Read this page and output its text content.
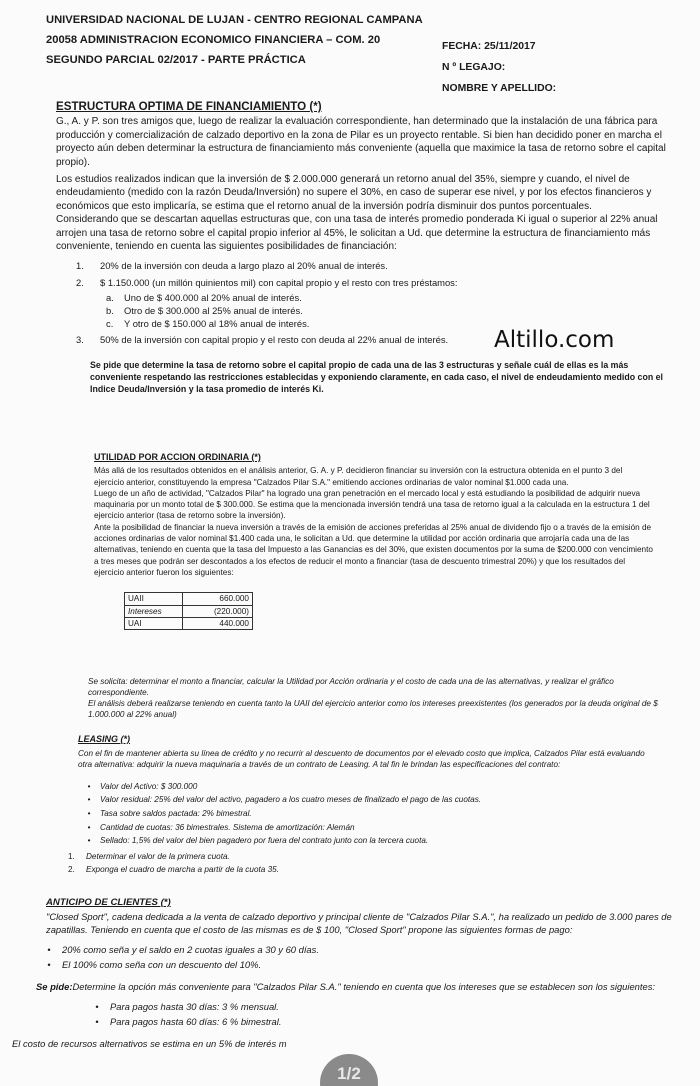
UNIVERSIDAD NACIONAL DE LUJAN - CENTRO REGIONAL CAMPANA
20058 ADMINISTRACION ECONOMICO FINANCIERA – COM. 20
SEGUNDO PARCIAL 02/2017 - PARTE PRÁCTICA
FECHA: 25/11/2017
N º LEGAJO:
NOMBRE Y APELLIDO:
Altillo.com
ESTRUCTURA OPTIMA DE FINANCIAMIENTO (*)

G., A. y P. son tres amigos que, luego de realizar la evaluación correspondiente, han determinado que la instalación de una fábrica para producción y comercialización de calzado deportivo en la zona de Pilar es un proyecto rentable. Si bien han decidido poner en marcha el proyecto aún deben determinar la estructura de financiamiento más conveniente (aquella que maximice la tasa de retorno sobre el capital propio).

Los estudios realizados indican que la inversión de $ 2.000.000 generará un retorno anual del 35%, siempre y cuando, el nivel de endeudamiento (medido con la razón Deuda/Inversión) no supere el 30%, en caso de superar ese nivel, y por los efectos financieros y económicos que esto implicaría, se estima que el retorno anual de la inversión podría disminuir dos puntos porcentuales.

Considerando que se descartan aquellas estructuras que, con una tasa de interés promedio ponderada Ki igual o superior al 22% anual arrojen una tasa de retorno sobre el capital propio inferior al 45%, le solicitan a Ud. que determine la estructura de financiamiento más conveniente, teniendo en cuenta las siguientes posibilidades de financiación:

1.	20% de la inversión con deuda a largo plazo al 20% anual de interés.
2.	$ 1.150.000 (un millón quinientos mil) con capital propio y el resto con tres préstamos:
a.	Uno de $ 400.000 al 20% anual de interés.
b.	Otro de $ 300.000 al 25% anual de interés.
c.	Y otro de $ 150.000 al 18% anual de interés.
3.	50% de la inversión con capital propio y el resto con deuda al 22% anual de interés.

Se pide que determine la tasa de retorno sobre el capital propio de cada una de las 3 estructuras y señale cuál de ellas es la más conveniente respetando las restricciones establecidas y exponiendo claramente, en cada caso, el nivel de endeudamiento medido con el Indice Deuda/Inversión y la tasa promedio de interés Ki.

UTILIDAD POR ACCION ORDINARIA (*)

Más allá de los resultados obtenidos en el análisis anterior, G. A. y P. decidieron financiar su inversión con la estructura obtenida en el punto 3 del ejercicio anterior, constituyendo la empresa "Calzados Pilar S.A." emitiendo acciones ordinarias de valor nominal $1.000 cada una.

Luego de un año de actividad, "Calzados Pilar" ha logrado una gran penetración en el mercado local y está estudiando la posibilidad de adquirir nueva maquinaria por un monto total de $ 300.000. Se estima que la mencionada inversión tendrá una tasa de retorno igual a la calculada en la estructura 1 del ejercicio anterior (tasa de retorno sobre la inversión).

Ante la posibilidad de financiar la nueva inversión a través de la emisión de acciones preferidas al 25% anual de dividendo fijo o a través de la emisión de acciones ordinarias de valor nominal $1.400 cada una, le solicitan a Ud. que determine la utilidad por acción ordinaria que arrojaría cada una de las alternativas, teniendo en cuenta que la tasa del Impuesto a las Ganancias es del 30%, que existen documentos por la suma de $200.000 con vencimiento a tres meses que podrán ser descontados a los efectos de reducir el monto a financiar (tasa de descuento trimestral 20%) y que los resultados del ejercicio anterior fueron los siguientes:

UAII	660.000
Intereses	(220.000)
UAI	440.000

Se solicita: determinar el monto a financiar, calcular la Utilidad por Acción ordinaria y el costo de cada una de las alternativas, y realizar el gráfico correspondiente.

El análisis deberá realizarse teniendo en cuenta tanto la UAII del ejercicio anterior como los intereses preexistentes (los generados por la deuda original de $ 1.000.000 al 22% anual)

LEASING (*)

Con el fin de mantener abierta su línea de crédito y no recurrir al descuento de documentos por el elevado costo que implica, Calzados Pilar está evaluando otra alternativa: adquirir la nueva maquinaria a través de un contrato de Leasing. A tal fin le brindan las especificaciones del contrato:

•	Valor del Activo: $ 300.000
•	Valor residual: 25% del valor del activo, pagadero a los cuatro meses de finalizado el pago de las cuotas.
•	Tasa sobre saldos pactada: 2% bimestral.
•	Cantidad de cuotas: 36 bimestrales. Sistema de amortización: Alemán
•	Sellado: 1,5% del valor del bien pagadero por fuera del contrato junto con la tercera cuota.
1.	Determinar el valor de la primera cuota.
2.	Exponga el cuadro de marcha a partir de la cuota 35.
ANTICIPO DE CLIENTES (*)

"Closed Sport", cadena dedicada a la venta de calzado deportivo y principal cliente de "Calzados Pilar S.A.", ha realizado un pedido de 3.000 pares de zapatillas. Teniendo en cuenta que el costo de las mismas es de $ 100, "Closed Sport" propone las siguientes formas de pago:

•	20% como seña y el saldo en 2 cuotas iguales a 30 y 60 días.
•	El 100% como seña con un descuento del 10%.

Se pide:Determine la opción más conveniente para "Calzados Pilar S.A." teniendo en cuenta que los intereses que se establecen son los siguientes:

•	Para pagos hasta 30 días: 3 % mensual.
•	Para pagos hasta 60 días: 6 % bimestral.

El costo de recursos alternativos se estima en un 5% de interés m

1/2
